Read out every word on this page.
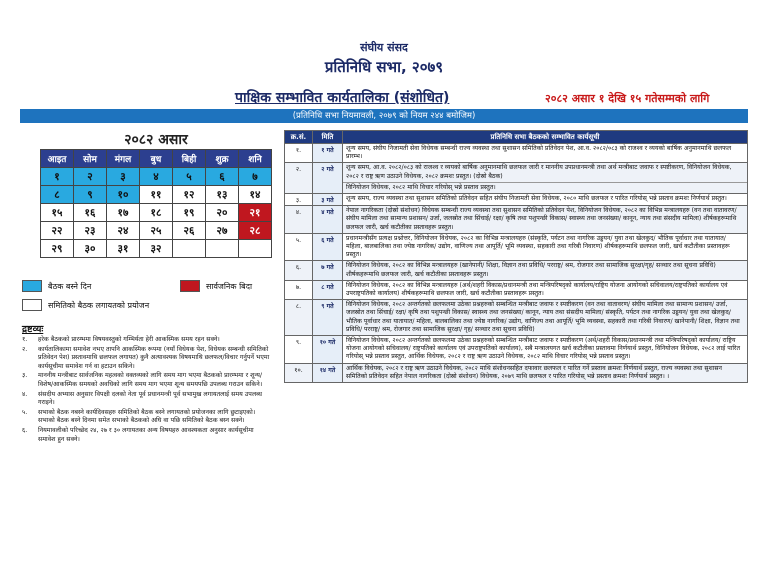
संघीय संसद
प्रतिनिधि सभा, २०७९
पाक्षिक सम्भावित कार्यतालिका (संशोधित)	२०८२ असार १ देखि १५ गतेसम्मको लागि
(प्रतिनिधि सभा नियमावली, २०७९ को नियम २४४ बमोजिम)
२०८२ असार
आइत	सोम	मंगल	बुध	बिही	शुक्र	शनि
१	२	३	४	५	६	७
८	९	१०	११	१२	१३	१४
१५	१६	१७	१८	१९	२०	२१
२२	२३	२४	२५	२६	२७	२८
२९	३०	३१	३२			
बैठक बस्ने दिन	सार्वजनिक बिदा
समितिको बैठक लगायतको प्रयोजन
द्रष्टव्यः
१.	हरेक बैठकको प्रारम्भमा विषयवस्तुको गम्भिर्यता हेरी आकस्मिक समय रहन सक्ने।
२.	कार्यतालिकामा समावेश नभए तापनि आकस्मिक रूपमा (नयाँ विधेयक पेश, विधेयक सम्बन्धी समितिको प्रतिवेदन पेश) प्रस्तावमाथि छलफल लगायत) कुनै अत्यावश्यक विषयमाथि छलफल/विचार गर्नुपर्ने भएमा कार्यसूचीमा समावेश गर्न वा हटाउन सकिने।
३.	माननीय मन्त्रीबाट सार्वजनिक महत्वको वक्तव्यको लागि समय माग भएमा बैठकको प्रारम्भमा र शून्य/विशेष/आकस्मिक समयको अवधिको लागि समय माग भएमा शून्य समयपछि उपलब्ध गराउन सकिने।
४.	संसदीय अभ्यास अनुसार विपक्षी दलको नेता पूर्व प्रधानमन्त्री पूर्व सभामुख लगायतलाई समय उपलब्ध गराइने।
५.	सभाको बैठक नबस्ने कार्यदिवसहरु समितिको बैठक बस्ने लगायतको प्रयोजनका लागि छुटाइएको। सभाको बैठक बस्ने दिनमा समेत सभाको बैठकको अघि वा पछि समितिको बैठक बस्न सक्ने।
६.	नियमावलीको परिच्छेद २४, २७ र ३० लगायतका अन्य विषयहरु आवश्यकता अनुसार कार्यसूचीमा समावेश हुन सक्ने।
क्र.सं.	मिति	प्रतिनिधि सभा बैठकको सम्भावित कार्यसूची
१.	१ गते	शून्य समय, संघीय निजामती सेवा विधेयक सम्बन्धी राज्य व्यवस्था तथा सुशासन समितिको प्रतिवेदन पेश, आ.व. २०८२/०८३ को राजश्व र व्ययको बार्षिक अनुमानमाथि छलफल प्रारम्भ।

२.	२ गते	शून्य समय, आ.व. २०८२/०८३ को राजश्व र व्ययको बार्षिक अनुमानमाथि छलफल जारी र माननीय उपप्रधानमन्त्री तथा अर्थ मन्त्रीबाट जवाफ र स्पष्टीकरण, विनियोजन विधेयक, २०८२ र राष्ट्र ऋण उठाउने विधेयक, २०८२ क्रमशः प्रस्तुत। (दोस्रो बैठक)
विनियोजन विधेयक, २०८२ माथि विचार गरियोस् भन्ने प्रस्ताव प्रस्तुत।

३.	३ गते	शून्य समय, राज्य व्यवस्था तथा सुशासन समितिको प्रतिवेदन सहित संघीय निजामती सेवा विधेयक, २०८० माथि छलफल र पारित गरियोस् भन्ने प्रस्ताव क्रमशः निर्णयार्थ प्रस्तुत।

४.	४ गते	नेपाल नागरिकता (दोस्रो संशोधन) विधेयक सम्बन्धी राज्य व्यवस्था तथा सुशासन समितिको प्रतिवेदन पेश, विनियोजन विधेयक, २०८२ का विभिन्न मन्त्रालयहरु (वन तथा वातावरण/ संघीय मामिला तथा सामान्य प्रशासन/ उर्जा, जलस्रोत तथा सिंचाई/ रक्षा/ कृषि तथा पशुपन्छी विकास/ स्वास्थ्य तथा जनसंख्या/ कानून, न्याय तथा संसदीय मामिला) शीर्षकहरूमाथि छलफल जारी, खर्च कटौतीका प्रस्तावहरू प्रस्तुत।

५.	६ गते	प्रधानमन्त्रीसँग प्रत्यक्ष प्रश्नोत्तर, विनियोजन विधेयक, २०८२ का विभिन्न मन्त्रालयहरु (संस्कृति, पर्यटन तथा नागरिक उड्डयन/ युवा तथा खेलकुद/ भौतिक पूर्वाधार तथा यातायात/ महिला, बालबालिका तथा ज्येष्ठ नागरिक/ उद्योग, वाणिज्य तथा आपूर्ति/ भूमि व्यवस्था, सहकारी तथा गरिबी निवारण) शीर्षकहरूमाथि छलफल जारी, खर्च कटौतीका प्रस्तावहरू प्रस्तुत।

६.	७ गते	विनियोजन विधेयक, २०८२ का विभिन्न मन्त्रालयहरु (खानेपानी/ शिक्षा, विज्ञान तथा प्रविधि/ परराष्ट्र/ श्रम, रोजगार तथा सामाजिक सुरक्षा/गृह/ सञ्चार तथा सूचना प्रविधि) शीर्षकहरूमाथि छलफल जारी, खर्च कटौतीका प्रस्तावहरू प्रस्तुत।

७.	८ गते	विनियोजन विधेयक, २०८२ का विभिन्न मन्त्रालयहरु (अर्थ/शहरी विकास/प्रधानमन्त्री तथा मन्त्रिपरिषद्को कार्यालय/राष्ट्रिय योजना आयोगको सचिवालय/राष्ट्रपतिको कार्यालय एवं उपराष्ट्रपतिको कार्यालय) शीर्षकहरूमाथि छलफल जारी, खर्च कटौतीका प्रस्तावहरू प्रस्तुत।

८.	९ गते	विनियोजन विधेयक, २०८२ अन्तर्गतको छलफलमा उठेका प्रश्नहरुको सम्बन्धित मन्त्रीबाट जवाफ र स्पष्टीकरण (वन तथा वातावरण/ संघीय मामिला तथा सामान्य प्रशासन/ उर्जा, जलस्रोत तथा सिंचाई/ रक्षा/ कृषि तथा पशुपन्छी विकास/ स्वास्थ्य तथा जनसंख्या/ कानून, न्याय तथा संसदीय मामिला/ संस्कृति, पर्यटन तथा नागरिक उड्डयन/ युवा तथा खेलकुद/भौतिक पूर्वाधार तथा यातायात/ महिला, बालबालिका तथा ज्येष्ठ नागरिक/ उद्योग, वाणिज्य तथा आपूर्ति/ भूमि व्यवस्था, सहकारी तथा गरिबी निवारण/ खानेपानी/ शिक्षा, विज्ञान तथा प्रविधि/ परराष्ट्र/ श्रम, रोजगार तथा सामाजिक सुरक्षा/ गृह/ सञ्चार तथा सूचना प्रविधि)

९.	१० गते	विनियोजन विधेयक, २०८२ अन्तर्गतको छलफलमा उठेका प्रश्नहरुको सम्बन्धित मन्त्रीबाट जवाफ र स्पष्टीकरण (अर्थ/शहरी विकास/प्रधानमन्त्री तथा मन्त्रिपरिषद्को कार्यालय/ राष्ट्रिय योजना आयोगको सचिवालय/ राष्ट्रपतिको कार्यालय एवं उपराष्ट्रपतिको कार्यालय), सबै मन्त्रालयगत खर्च कटौतीका प्रस्तावमा निर्णयार्थ प्रस्तुत, विनियोजन विधेयक, २०८२ लाई पारित गरियोस् भन्ने प्रस्ताव प्रस्तुत, आर्थिक विधेयक, २०८२ र राष्ट्र ऋण उठाउने विधेयक, २०८२ माथि विचार गरियोस् भन्ने प्रस्ताव प्रस्तुत।

१०.	१४ गते	आर्थिक विधेयक, २०८२ र राष्ट्र ऋण उठाउने विधेयक, २०८२ माथि संशोधनसहित दफावार छलफल र पारित गर्ने प्रस्ताव क्रमशः निर्णयार्थ प्रस्तुत, राज्य व्यवस्था तथा सुशासन समितिको प्रतिवेदन सहित नेपाल नागरिकता (दोस्रो संशोधन) विधेयक, २०७९ माथि छलफल र पारित गरियोस् भन्ने प्रस्ताव क्रमशः निर्णयार्थ प्रस्तुत। ।
